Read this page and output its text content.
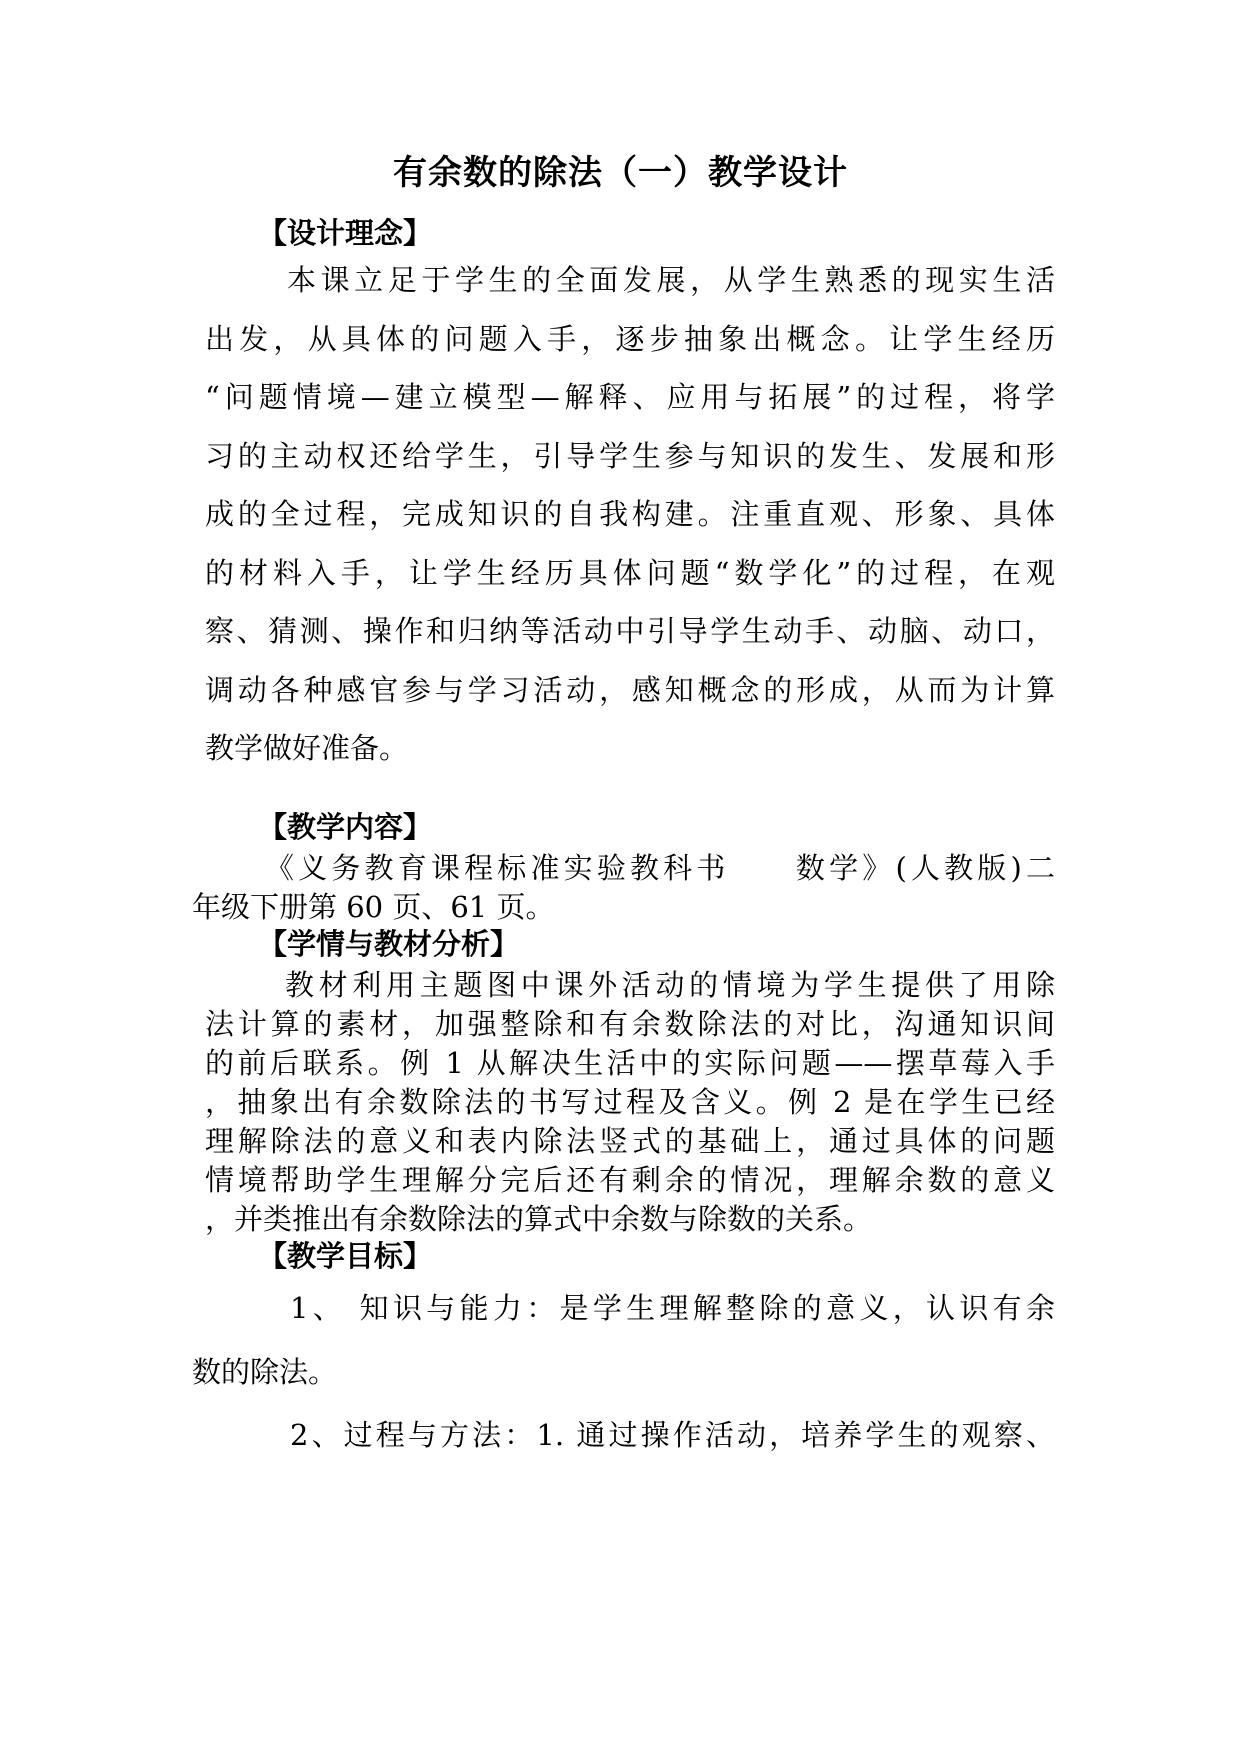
有余数的除法（一）教学设计
【设计理念】
本课立足于学生的全面发展，从学生熟悉的现实生活
出发，从具体的问题入手，逐步抽象出概念。让学生经历
“问题情境—建立模型—解释、应用与拓展”的过程，将学
习的主动权还给学生，引导学生参与知识的发生、发展和形
成的全过程，完成知识的自我构建。注重直观、形象、具体
的材料入手，让学生经历具体问题“数学化”的过程，在观
察、猜测、操作和归纳等活动中引导学生动手、动脑、动口，
调动各种感官参与学习活动，感知概念的形成，从而为计算
教学做好准备。
【教学内容】
《义务教育课程标准实验教科书　　数学》(人教版)二
年级下册第 60 页、61 页。
【学情与教材分析】
教材利用主题图中课外活动的情境为学生提供了用除
法计算的素材，加强整除和有余数除法的对比，沟通知识间
的前后联系。例 1 从解决生活中的实际问题——摆草莓入手
，抽象出有余数除法的书写过程及含义。例 2 是在学生已经
理解除法的意义和表内除法竖式的基础上，通过具体的问题
情境帮助学生理解分完后还有剩余的情况，理解余数的意义
，并类推出有余数除法的算式中余数与除数的关系。
【教学目标】
1、 知识与能力：是学生理解整除的意义，认识有余
数的除法。
2、过程与方法：1. 通过操作活动，培养学生的观察、
